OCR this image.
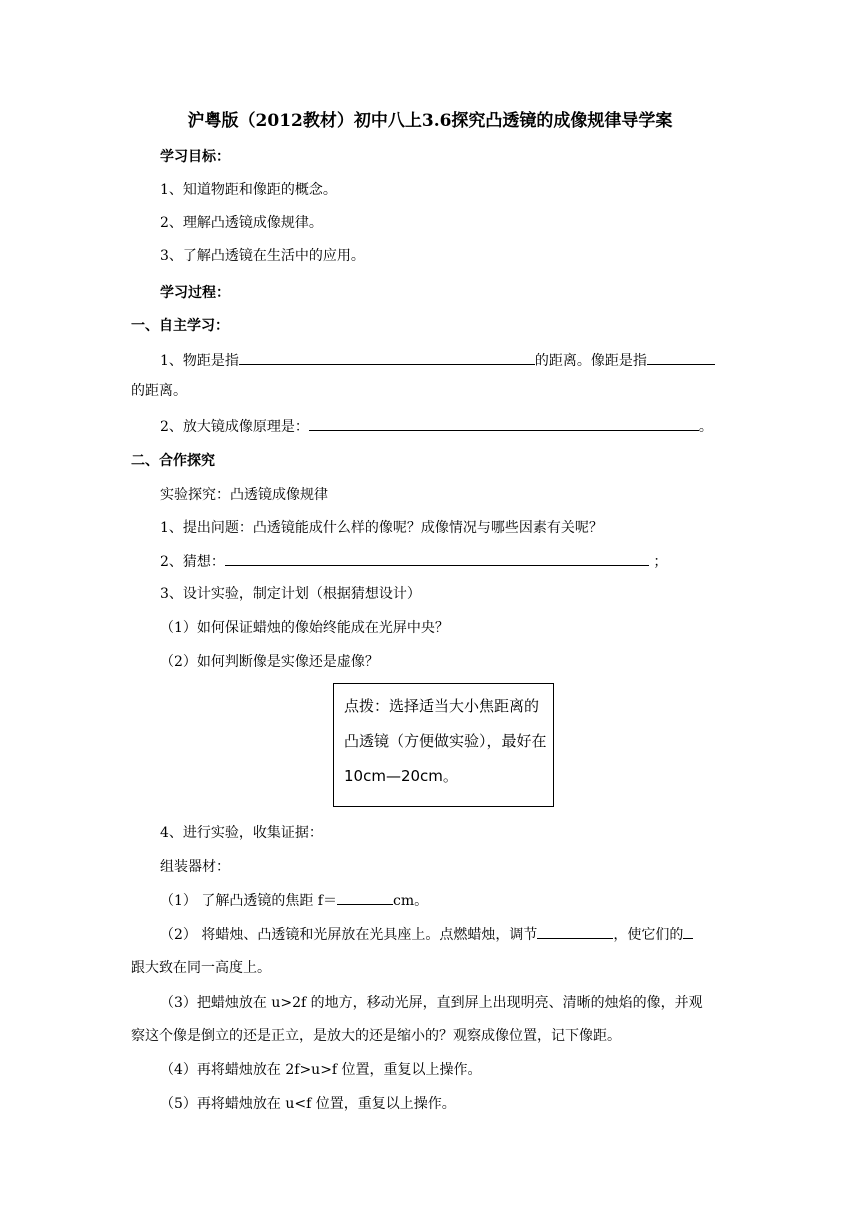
沪粤版（2012教材）初中八上3.6探究凸透镜的成像规律导学案
学习目标：
1、知道物距和像距的概念。
2、理解凸透镜成像规律。
3、了解凸透镜在生活中的应用。
学习过程：
一、自主学习：
1、物距是指	的距离。像距是指
的距离。
2、放大镜成像原理是：	。
二、合作探究
实验探究：凸透镜成像规律
1、提出问题：凸透镜能成什么样的像呢？成像情况与哪些因素有关呢？
2、猜想：	；
3、设计实验，制定计划（根据猜想设计）
（1）如何保证蜡烛的像始终能成在光屏中央？
（2）如何判断像是实像还是虚像？
点拨：选择适当大小焦距离的
凸透镜（方便做实验），最好在
10cm—20cm。
4、进行实验，收集证据：
组装器材：
（1） 了解凸透镜的焦距 f＝	cm。
（2） 将蜡烛、凸透镜和光屏放在光具座上。点燃蜡烛，调节	，使它们的
跟大致在同一高度上。
（3）把蜡烛放在 u>2f 的地方，移动光屏，直到屏上出现明亮、清晰的烛焰的像，并观
察这个像是倒立的还是正立，是放大的还是缩小的？观察成像位置，记下像距。
（4）再将蜡烛放在 2f>u>f 位置，重复以上操作。
（5）再将蜡烛放在 u<f 位置，重复以上操作。
